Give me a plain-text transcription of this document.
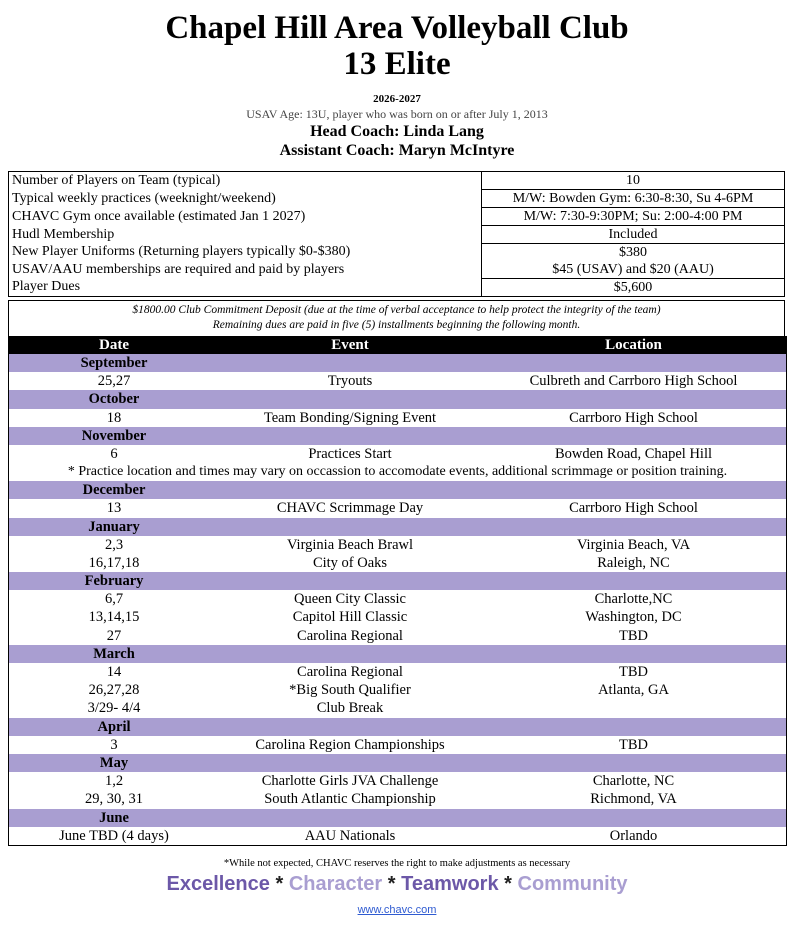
Chapel Hill Area Volleyball Club
13 Elite
2026-2027
USAV Age: 13U, player who was born on or after July 1, 2013
Head Coach: Linda Lang
Assistant Coach: Maryn McIntyre
Number of Players on Team (typical)	10
Typical weekly practices (weeknight/weekend)	M/W: Bowden Gym: 6:30-8:30, Su 4-6PM
CHAVC Gym once available (estimated Jan 1 2027)	M/W: 7:30-9:30PM; Su: 2:00-4:00 PM
Hudl Membership	Included
New Player Uniforms (Returning players typically $0-$380)	$380
USAV/AAU memberships are required and paid by players	$45 (USAV) and $20 (AAU)
Player Dues	$5,600
$1800.00 Club Commitment Deposit (due at the time of verbal acceptance to help protect the integrity of the team)
Remaining dues are paid in five (5) installments beginning the following month.
Date	Event	Location
September
25,27	Tryouts	Culbreth and Carrboro High School
October
18	Team Bonding/Signing Event	Carrboro High School
November
6	Practices Start	Bowden Road, Chapel Hill
* Practice location and times may vary on occassion to accomodate events, additional scrimmage or position training.
December
13	CHAVC Scrimmage Day	Carrboro High School
January
2,3	Virginia Beach Brawl	Virginia Beach, VA
16,17,18	City of Oaks	Raleigh, NC
February
6,7	Queen City Classic	Charlotte,NC
13,14,15	Capitol Hill Classic	Washington, DC
27	Carolina Regional	TBD
March
14	Carolina Regional	TBD
26,27,28	*Big South Qualifier	Atlanta, GA
3/29- 4/4	Club Break
April
3	Carolina Region Championships	TBD
May
1,2	Charlotte Girls JVA Challenge	Charlotte, NC
29, 30, 31	South Atlantic Championship	Richmond, VA
June
June TBD (4 days)	AAU Nationals	Orlando
*While not expected, CHAVC reserves the right to make adjustments as necessary
Excellence * Character * Teamwork * Community
www.chavc.com
